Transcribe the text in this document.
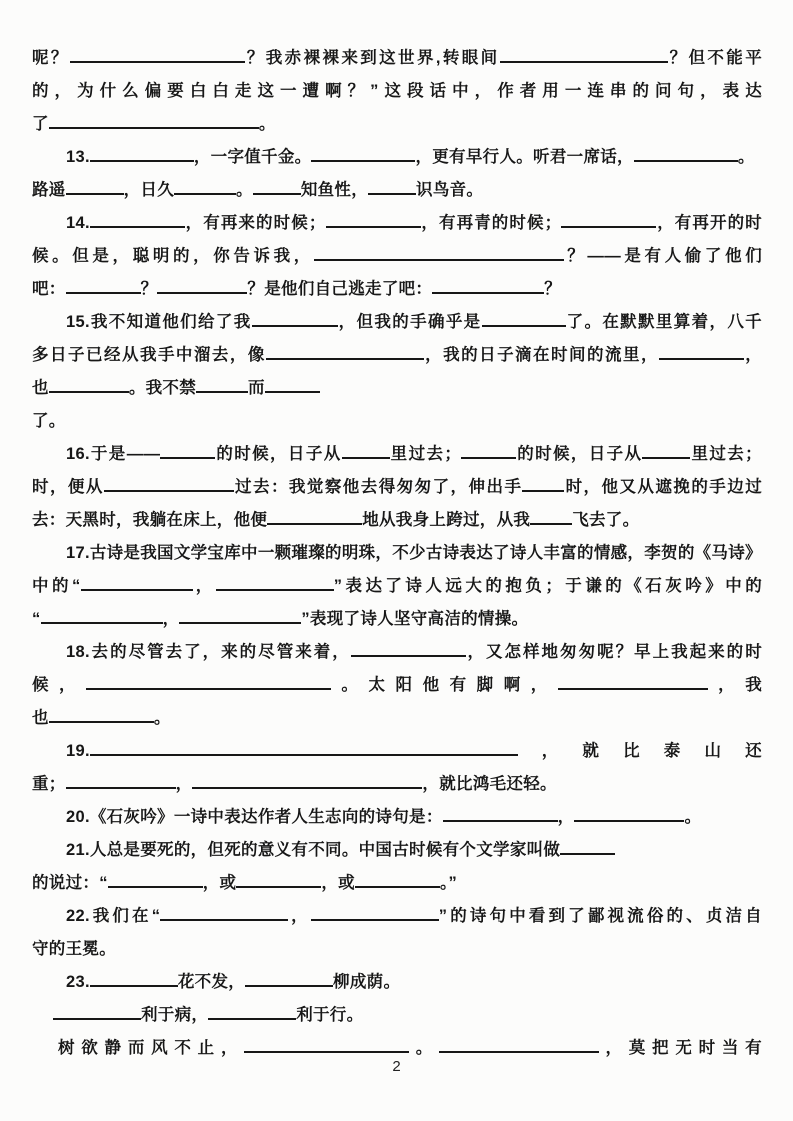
呢？	？我赤裸裸来到这世界,转眼间	？但不能平
的，为什么偏要白白走这一遭啊？”这段话中，作者用一连串的问句，表达
了	。
13.	，一字值千金。	，更有早行人。听君一席话，	。
路遥	，日久	。	知鱼性，	识鸟音。
14.	，有再来的时候；	，有再青的时候；	，有再开的时
候。但是，聪明的，你告诉我，	？——是有人偷了他们
吧：	？	？是他们自己逃走了吧：	？
15.我不知道他们给了我	，但我的手确乎是	了。在默默里算着，八千
多日子已经从我手中溜去，像	，我的日子滴在时间的流里，	，
也	。我不禁	而
了。
16.于是——	的时候，日子从	里过去；	的时候，日子从	里过去；
时，便从	过去：我觉察他去得匆匆了，伸出手	时，他又从遮挽的手边过
去：天黑时，我躺在床上，他便	地从我身上跨过，从我	飞去了。
17.古诗是我国文学宝库中一颗璀璨的明珠，不少古诗表达了诗人丰富的情感，李贺的《马诗》
中的“	，	”表达了诗人远大的抱负；于谦的《石灰吟》中的
“	，	”表现了诗人坚守高洁的情操。
18.去的尽管去了，来的尽管来着，	，又怎样地匆匆呢？早上我起来的时
候，	。太阳他有脚啊，	，我
也	。
19.	，就比泰山还
重；	，	，就比鸿毛还轻。
20.《石灰吟》一诗中表达作者人生志向的诗句是：	，	。
21.人总是要死的，但死的意义有不同。中国古时候有个文学家叫做
的说过：“	，或	，或	。”
22.我们在“	，	”的诗句中看到了鄙视流俗的、贞洁自
守的王冕。
23.	花不发，	柳成荫。
利于病，	利于行。
树欲静而风不止，	。	，莫把无时当有
2
